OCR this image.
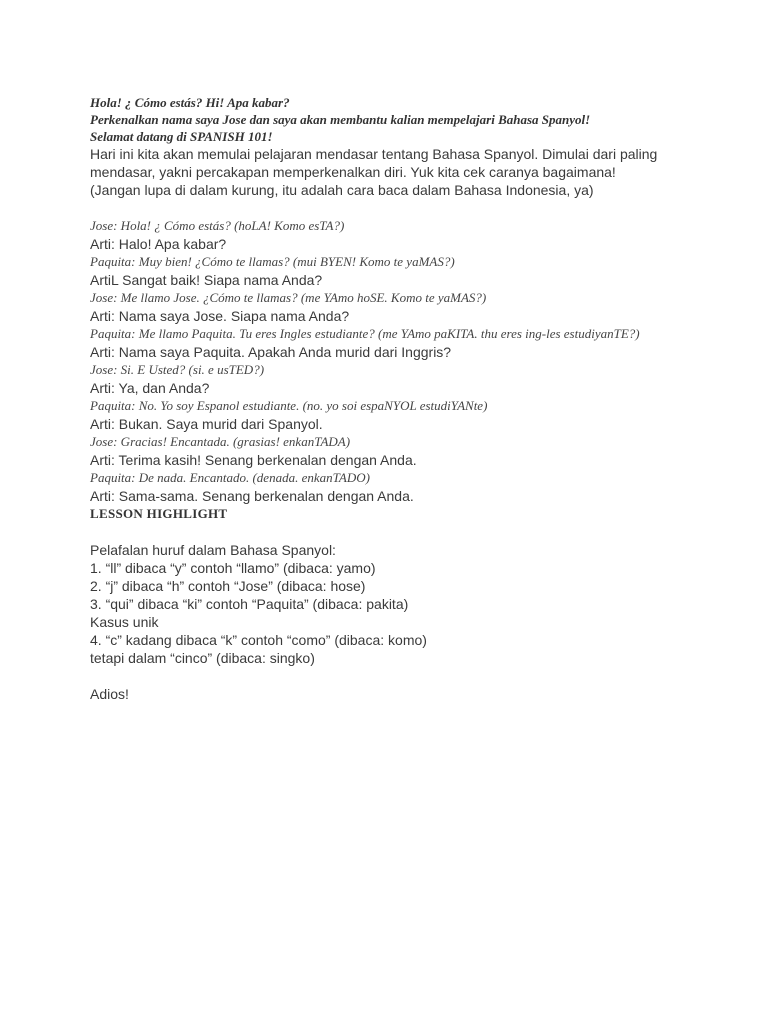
Hola! ¿ Cómo estás? Hi! Apa kabar?
Perkenalkan nama saya Jose dan saya akan membantu kalian mempelajari Bahasa Spanyol!
Selamat datang di SPANISH 101!
Hari ini kita akan memulai pelajaran mendasar tentang Bahasa Spanyol. Dimulai dari paling mendasar, yakni percakapan memperkenalkan diri. Yuk kita cek caranya bagaimana! (Jangan lupa di dalam kurung, itu adalah cara baca dalam Bahasa Indonesia, ya)
Jose: Hola! ¿ Cómo estás? (hoLA! Komo esTA?)
Arti: Halo! Apa kabar?
Paquita: Muy bien! ¿Cómo te llamas? (mui BYEN! Komo te yaMAS?)
ArtiL Sangat baik! Siapa nama Anda?
Jose: Me llamo Jose. ¿Cómo te llamas? (me YAmo hoSE. Komo te yaMAS?)
Arti: Nama saya Jose. Siapa nama Anda?
Paquita: Me llamo Paquita. Tu eres Ingles estudiante? (me YAmo paKITA. thu eres ing-les estudiyanTE?)
Arti: Nama saya Paquita. Apakah Anda murid dari Inggris?
Jose: Si. E Usted? (si. e usTED?)
Arti: Ya, dan Anda?
Paquita: No. Yo soy Espanol estudiante. (no. yo soi espaNYOL estudiYANte)
Arti: Bukan. Saya murid dari Spanyol.
Jose: Gracias! Encantada. (grasias! enkanTADA)
Arti: Terima kasih! Senang berkenalan dengan Anda.
Paquita: De nada. Encantado. (denada. enkanTADO)
Arti: Sama-sama. Senang berkenalan dengan Anda.
LESSON HIGHLIGHT
Pelafalan huruf dalam Bahasa Spanyol:
1. “ll” dibaca “y” contoh “llamo” (dibaca: yamo)
2. “j” dibaca “h” contoh “Jose” (dibaca: hose)
3. “qui” dibaca “ki” contoh “Paquita” (dibaca: pakita)
Kasus unik
4. “c” kadang dibaca “k” contoh “como” (dibaca: komo)
tetapi dalam “cinco” (dibaca: singko)
Adios!
